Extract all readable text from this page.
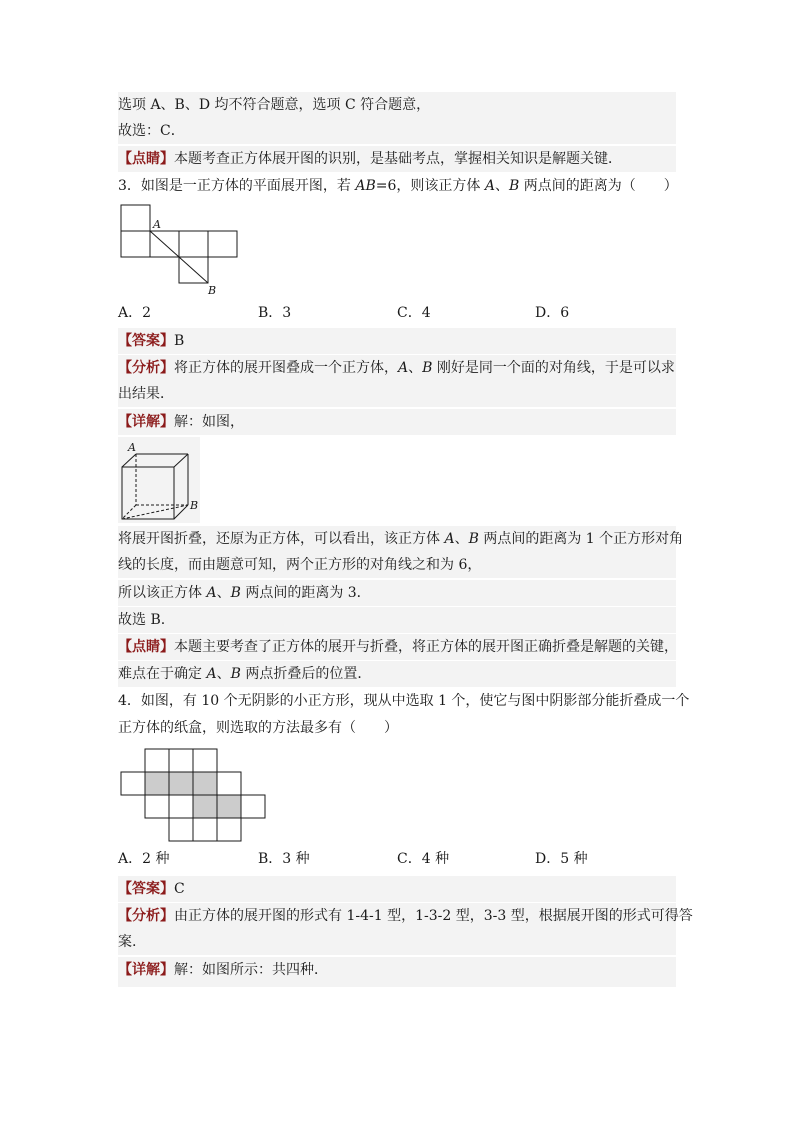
选项 A、B、D 均不符合题意，选项 C 符合题意，
故选：C．
【点睛】本题考查正方体展开图的识别，是基础考点，掌握相关知识是解题关键．
3．如图是一正方体的平面展开图，若 AB=6，则该正方体 A、B 两点间的距离为（　　）
A
B
A．2	B．3	C．4	D．6
【答案】B
【分析】将正方体的展开图叠成一个正方体，A、B 刚好是同一个面的对角线，于是可以求
出结果．
【详解】解：如图，
A
B
将展开图折叠，还原为正方体，可以看出，该正方体 A、B 两点间的距离为 1 个正方形对角
线的长度，而由题意可知，两个正方形的对角线之和为 6，
所以该正方体 A、B 两点间的距离为 3．
故选 B.
【点睛】本题主要考查了正方体的展开与折叠，将正方体的展开图正确折叠是解题的关键，
难点在于确定 A、B 两点折叠后的位置．
4．如图，有 10 个无阴影的小正方形，现从中选取 1 个，使它与图中阴影部分能折叠成一个
正方体的纸盒，则选取的方法最多有（　　）
A．2 种	B．3 种	C．4 种	D．5 种
【答案】C
【分析】由正方体的展开图的形式有 1-4-1 型，1-3-2 型，3-3 型，根据展开图的形式可得答
案.
【详解】解：如图所示：共四种．
